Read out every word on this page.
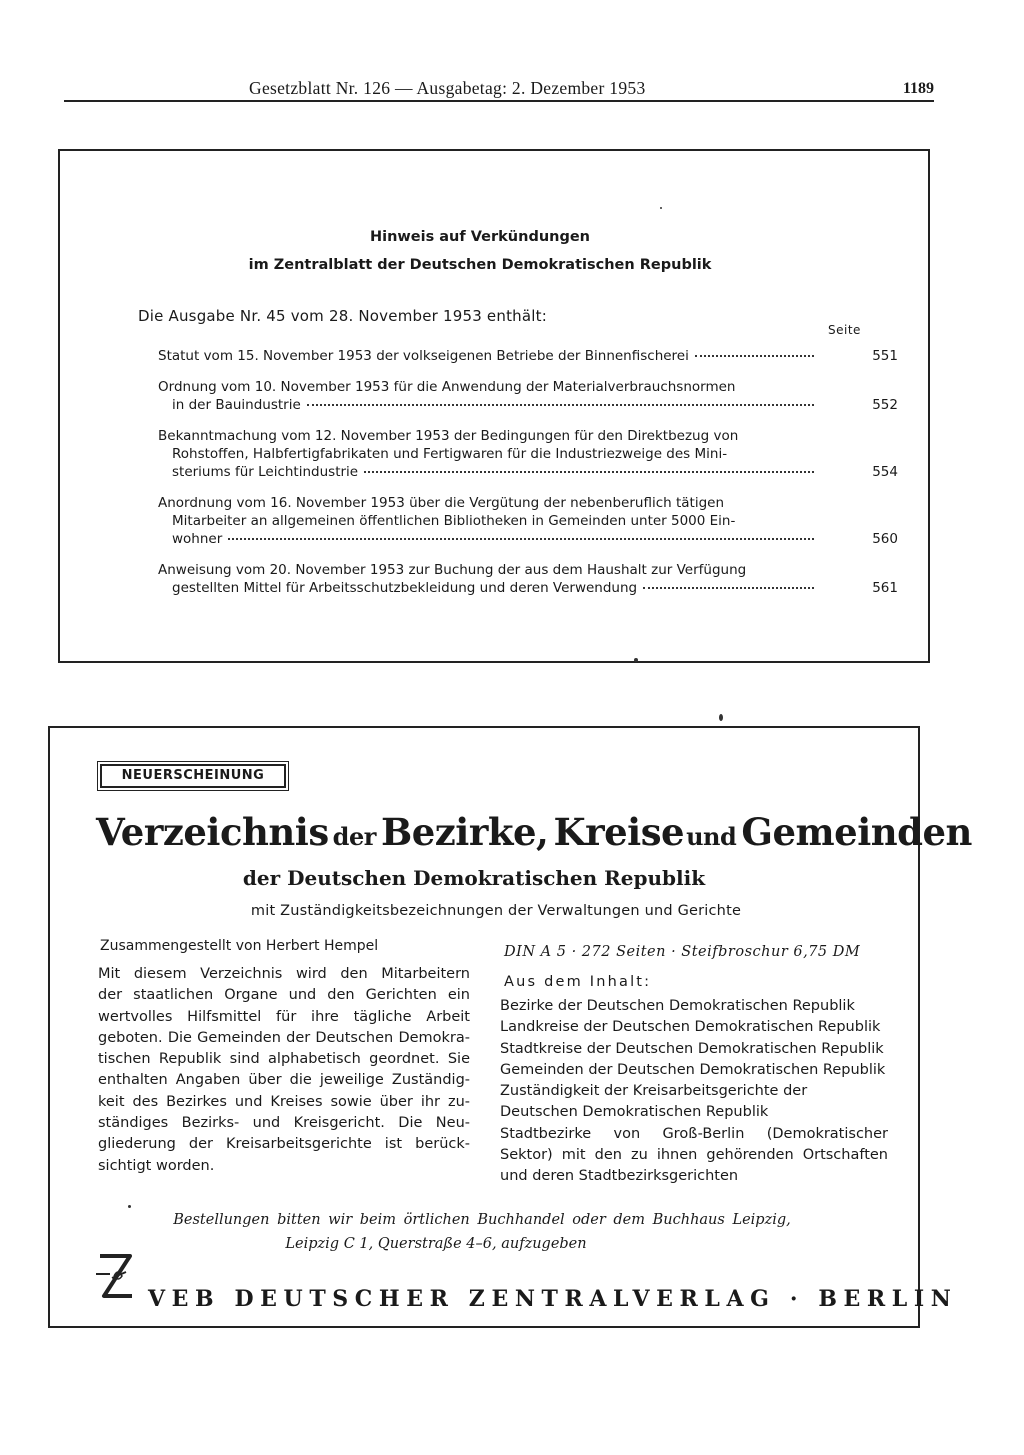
Gesetzblatt Nr. 126 — Ausgabetag: 2. Dezember 1953	1189
Hinweis auf Verkündungen
im Zentralblatt der Deutschen Demokratischen Republik
Die Ausgabe Nr. 45 vom 28. November 1953 enthält:
Seite
Statut vom 15. November 1953 der volkseigenen Betriebe der Binnenfischerei	551
Ordnung vom 10. November 1953 für die Anwendung der Materialverbrauchsnormen
in der Bauindustrie	552
Bekanntmachung vom 12. November 1953 der Bedingungen für den Direktbezug von
Rohstoffen, Halbfertigfabrikaten und Fertigwaren für die Industriezweige des Mini-
steriums für Leichtindustrie	554
Anordnung vom 16. November 1953 über die Vergütung der nebenberuflich tätigen
Mitarbeiter an allgemeinen öffentlichen Bibliotheken in Gemeinden unter 5000 Ein-
wohner	560
Anweisung vom 20. November 1953 zur Buchung der aus dem Haushalt zur Verfügung
gestellten Mittel für Arbeitsschutzbekleidung und deren Verwendung	561
NEUERSCHEINUNG
Verzeichnis der Bezirke, Kreiseund Gemeinden
der Deutschen Demokratischen Republik
mit Zuständigkeitsbezeichnungen der Verwaltungen und Gerichte
Zusammengestellt von Herbert Hempel
Mit diesem Verzeichnis wird den Mitarbeitern
der staatlichen Organe und den Gerichten ein
wertvolles Hilfsmittel für ihre tägliche Arbeit
geboten. Die Gemeinden der Deutschen Demokra-
tischen Republik sind alphabetisch geordnet. Sie
enthalten Angaben über die jeweilige Zuständig-
keit des Bezirkes und Kreises sowie über ihr zu-
ständiges Bezirks- und Kreisgericht. Die Neu-
gliederung der Kreisarbeitsgerichte ist berück-
sichtigt worden.
DIN A 5 · 272 Seiten · Steifbroschur 6,75 DM
Aus dem Inhalt:
Bezirke der Deutschen Demokratischen Republik
Landkreise der Deutschen Demokratischen Republik
Stadtkreise der Deutschen Demokratischen Republik
Gemeinden der Deutschen Demokratischen Republik
Zuständigkeit der Kreisarbeitsgerichte der
Deutschen Demokratischen Republik
Stadtbezirke von Groß-Berlin (Demokratischer
Sektor) mit den zu ihnen gehörenden Ortschaften
und deren Stadtbezirksgerichten
Bestellungen bitten wir beim örtlichen Buchhandel oder dem Buchhaus Leipzig,
Leipzig C 1, Querstraße 4–6, aufzugeben
VEB DEUTSCHER ZENTRALVERLAG · BERLIN
